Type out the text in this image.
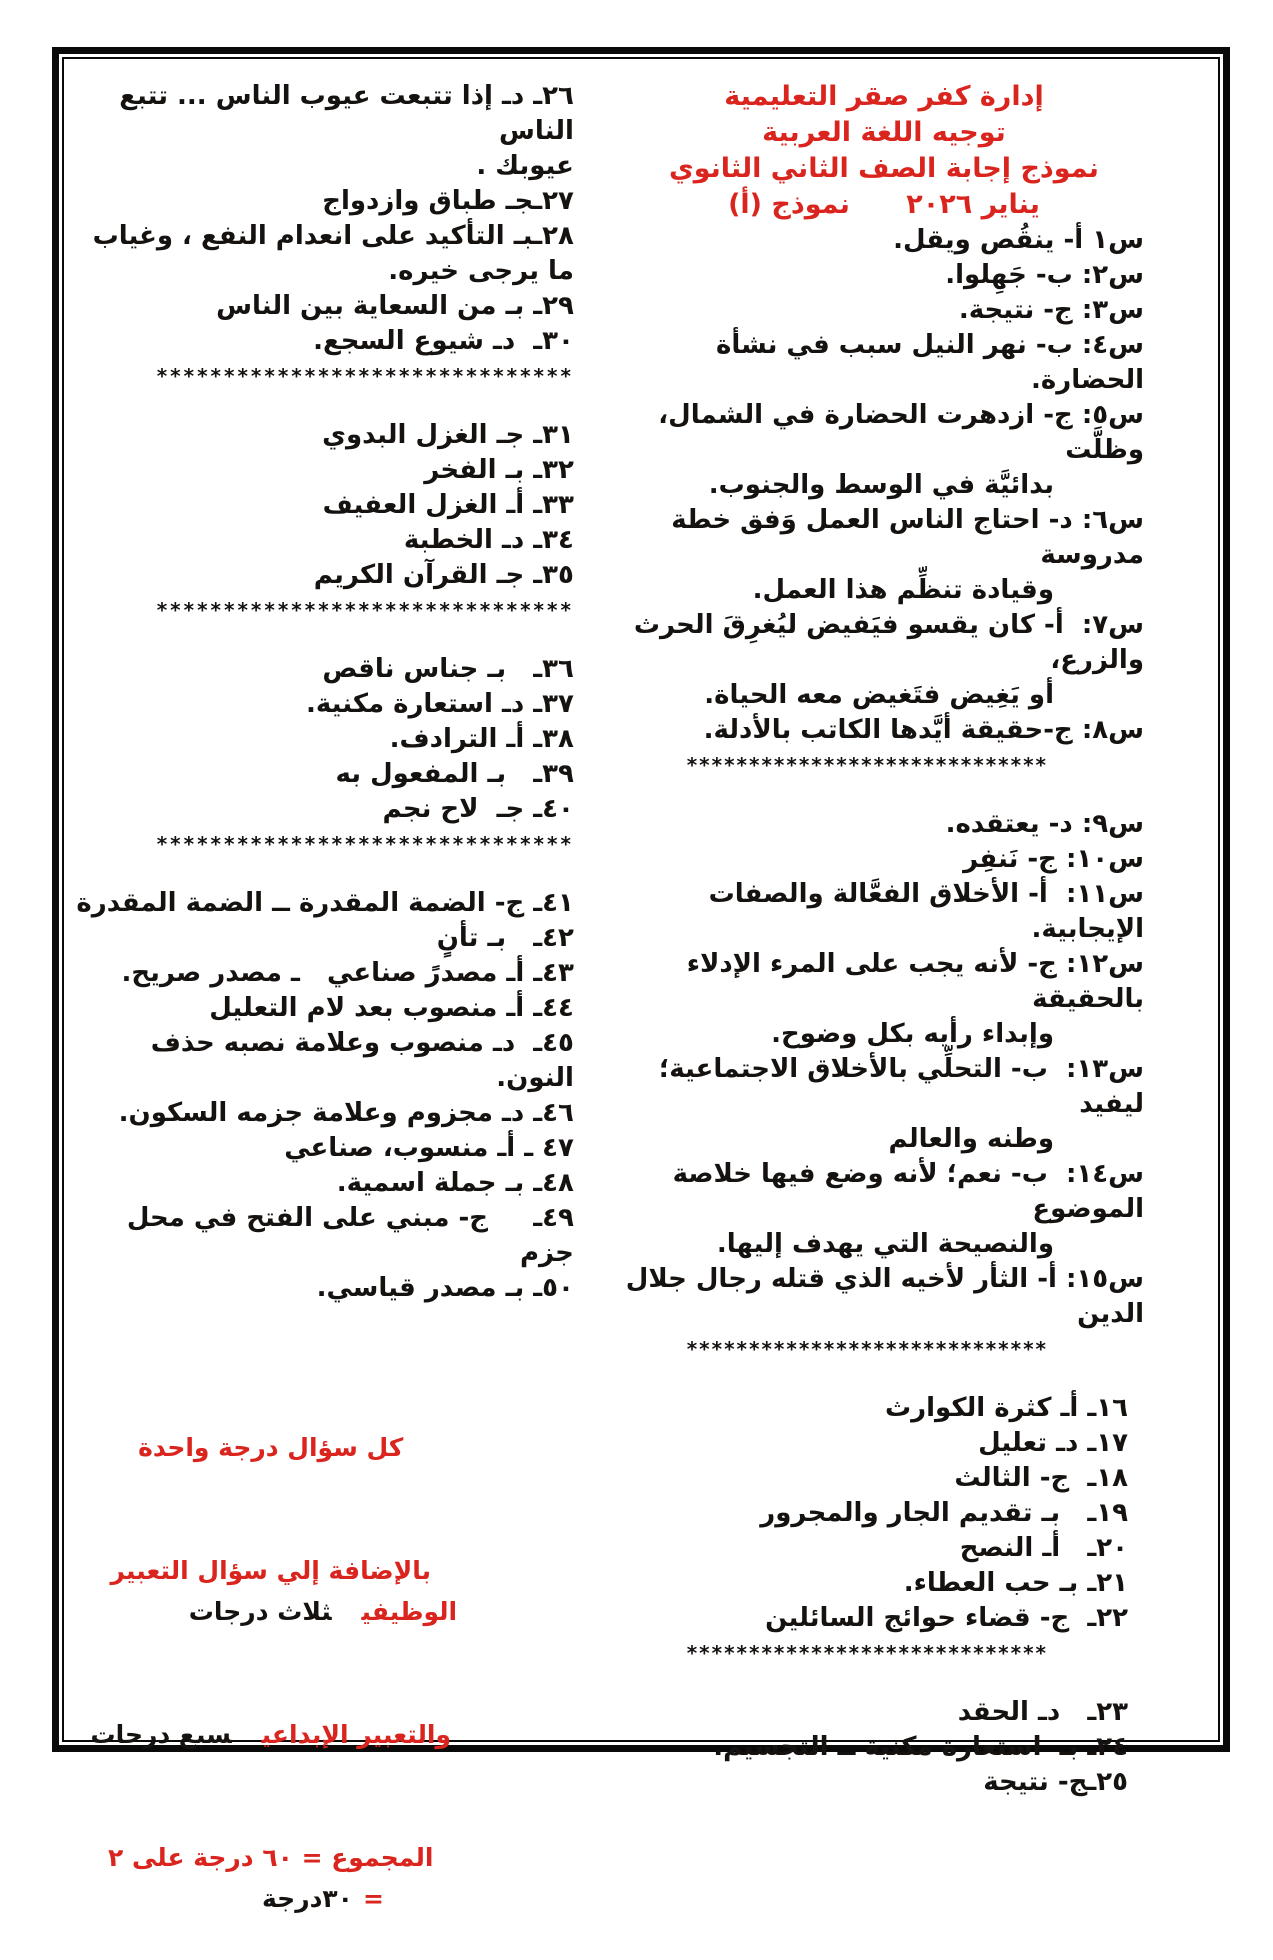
إدارة كفر صقر التعليمية
توجيه اللغة العربية
نموذج إجابة الصف الثاني الثانوي
يناير ٢٠٢٦      نموذج (أ)
س١ أ- ينقُص ويقل.
س٢: ب- جَهِلوا.
س٣: ج- نتيجة.
س٤: ب- نهر النيل سبب في نشأة الحضارة.
س٥: ج- ازدهرت الحضارة في الشمال، وظلَّت
بدائيَّة في الوسط والجنوب.
س٦: د- احتاج الناس العمل وَفق خطة مدروسة
وقيادة تنظِّم هذا العمل.
س٧:  أ- كان يقسو فيَفيض ليُغرِقَ الحرث والزرع،
أو يَغِيض فتَغيض معه الحياة.
س٨: ج-حقيقة أيَّدها الكاتب بالأدلة.
*****************************
س٩: د- يعتقده.
س١٠: ج- نَنفِر
س١١:  أ- الأخلاق الفعَّالة والصفات الإيجابية.
س١٢: ج- لأنه يجب على المرء الإدلاء بالحقيقة
وإبداء رأيه بكل وضوح.
س١٣:  ب- التحلِّي بالأخلاق الاجتماعية؛ ليفيد
وطنه والعالم
س١٤:  ب- نعم؛ لأنه وضع فيها خلاصة الموضوع
والنصيحة التي يهدف إليها.
س١٥: أ- الثأر لأخيه الذي قتله رجال جلال الدين
*****************************
١٦ـ أـ كثرة الكوارث
١٧ـ دـ تعليل
١٨ـ  ج- الثالث
١٩ـ   بـ تقديم الجار والمجرور
٢٠ـ   أـ النصح
٢١ـ بـ حب العطاء.
٢٢ـ  ج- قضاء حوائج السائلين
*****************************
٢٣ـ   دـ الحقد
٢٤ـ بـ  استعارة مكنية ــ التجسيم.
٢٥ـج- نتيجة
٢٦ـ دـ إذا تتبعت عيوب الناس ... تتبع الناس
عيوبك .
٢٧ـجـ طباق وازدواج
٢٨ـبـ التأكيد على انعدام النفع ، وغياب ما يرجى خيره.
٢٩ـ بـ من السعاية بين الناس
٣٠ـ  دـ شيوع السجع.
*******************************
٣١ـ جـ الغزل البدوي
٣٢ـ بـ الفخر
٣٣ـ أـ الغزل العفيف
٣٤ـ دـ الخطبة
٣٥ـ جـ القرآن الكريم
*******************************
٣٦ـ   بـ جناس ناقص
٣٧ـ دـ استعارة مكنية.
٣٨ـ أـ الترادف.
٣٩ـ   بـ المفعول به
٤٠ـ جـ  لاح نجم
*******************************
٤١ـ ج- الضمة المقدرة ــ الضمة المقدرة
٤٢ـ   بـ تأنٍ
٤٣ـ أـ مصدرً صناعي   ـ مصدر صريح.
٤٤ـ أـ منصوب بعد لام التعليل
٤٥ـ  دـ منصوب وعلامة نصبه حذف النون.
٤٦ـ دـ مجزوم وعلامة جزمه السكون.
٤٧ ـ أـ منسوب، صناعي
٤٨ـ بـ جملة اسمية.
٤٩ـ     ج- مبني على الفتح في محل جزم
٥٠ـ بـ مصدر قياسي.

كل سؤال درجة واحدة

بالإضافة إلي سؤال التعبير الوظيفيثلاث درجات

والتعبير الإبداعيسبع درجات

المجموع = ٦٠ درجة على ٢ =٣٠درجة
